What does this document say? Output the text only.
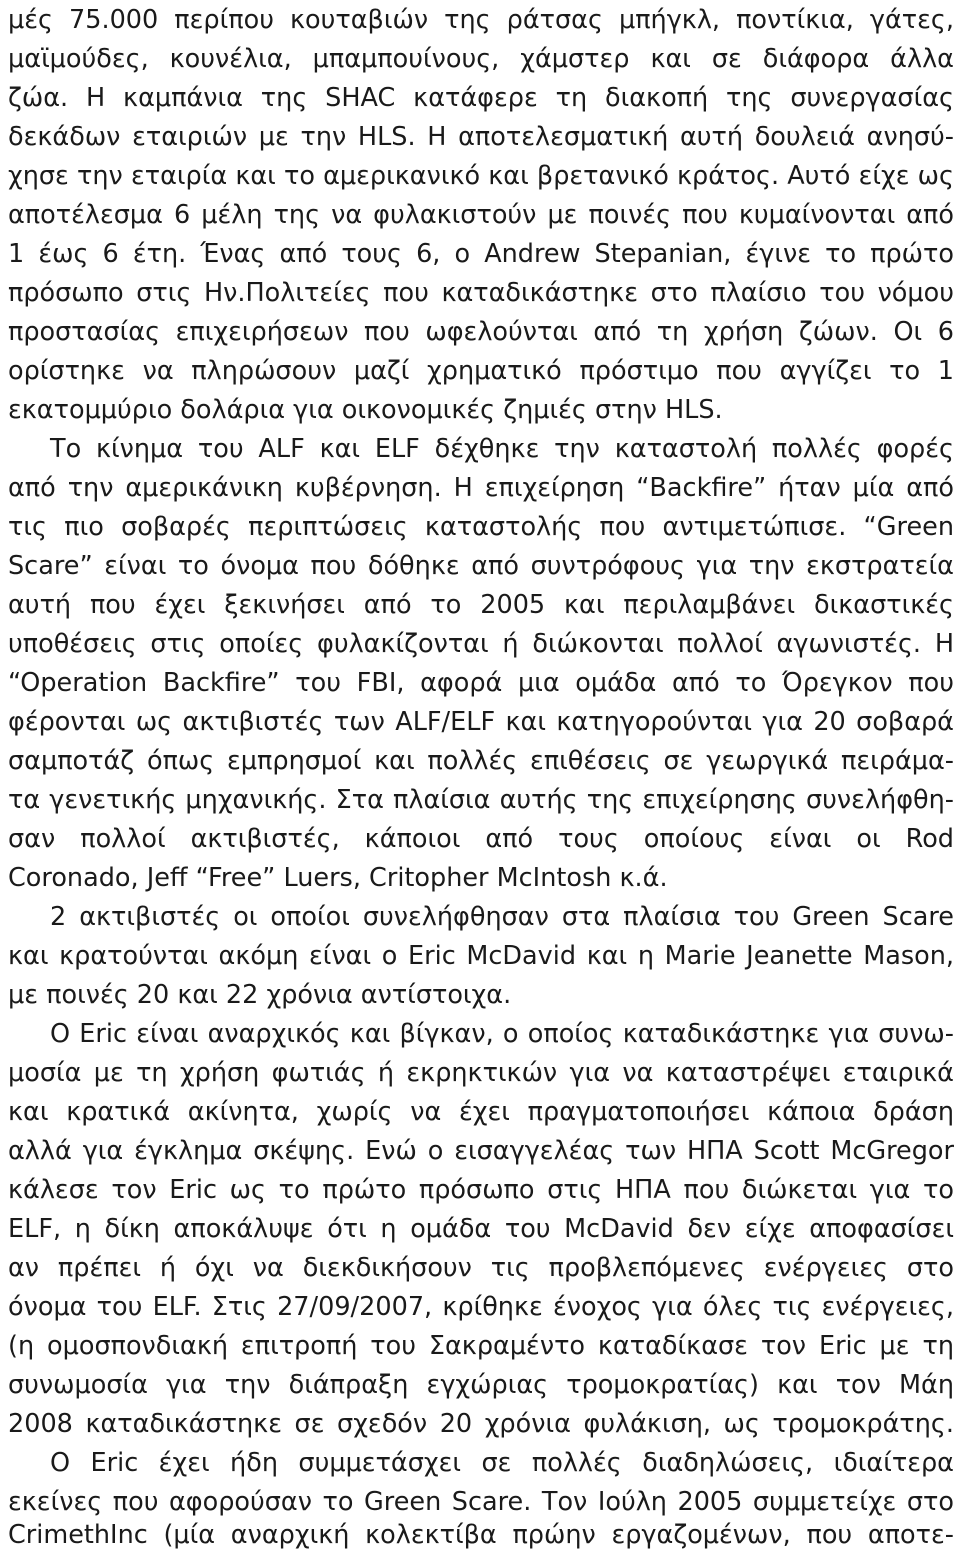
μές 75.000 περίπου κουταβιών της ράτσας μπήγκλ, ποντίκια, γάτες,
μαϊμούδες, κουνέλια, μπαμπουίνους, χάμστερ και σε διάφορα άλλα
ζώα. Η καμπάνια της SHAC κατάφερε τη διακοπή της συνεργασίας
δεκάδων εταιριών με την HLS. Η αποτελεσματική αυτή δουλειά ανησύ-
χησε την εταιρία και το αμερικανικό και βρετανικό κράτος. Αυτό είχε ως
αποτέλεσμα 6 μέλη της να φυλακιστούν με ποινές που κυμαίνονται από
1 έως 6 έτη. Ένας από τους 6, ο Andrew Stepanian, έγινε το πρώτο
πρόσωπο στις Ην.Πολιτείες που καταδικάστηκε στο πλαίσιο του νόμου
προστασίας επιχειρήσεων που ωφελούνται από τη χρήση ζώων. Οι 6
ορίστηκε να πληρώσουν μαζί χρηματικό πρόστιμο που αγγίζει το 1
εκατομμύριο δολάρια για οικονομικές ζημιές στην HLS.
Το κίνημα του ALF και ELF δέχθηκε την καταστολή πολλές φορές
από την αμερικάνικη κυβέρνηση. Η επιχείρηση “Backfire” ήταν μία από
τις πιο σοβαρές περιπτώσεις καταστολής που αντιμετώπισε. “Green
Scare” είναι το όνομα που δόθηκε από συντρόφους για την εκστρατεία
αυτή που έχει ξεκινήσει από το 2005 και περιλαμβάνει δικαστικές
υποθέσεις στις οποίες φυλακίζονται ή διώκονται πολλοί αγωνιστές. Η
“Operation Backfire” του FBI, αφορά μια ομάδα από το Όρεγκον που
φέρονται ως ακτιβιστές των ALF/ELF και κατηγορούνται για 20 σοβαρά
σαμποτάζ όπως εμπρησμοί και πολλές επιθέσεις σε γεωργικά πειράμα-
τα γενετικής μηχανικής. Στα πλαίσια αυτής της επιχείρησης συνελήφθη-
σαν πολλοί ακτιβιστές, κάποιοι από τους οποίους είναι οι Rod
Coronado, Jeff “Free” Luers, Critopher McIntosh κ.ά.
2 ακτιβιστές οι οποίοι συνελήφθησαν στα πλαίσια του Green Scare
και κρατούνται ακόμη είναι ο Eric McDavid και η Marie Jeanette Mason,
με ποινές 20 και 22 χρόνια αντίστοιχα.
Ο Eric είναι αναρχικός και βίγκαν, ο οποίος καταδικάστηκε για συνω-
μοσία με τη χρήση φωτιάς ή εκρηκτικών για να καταστρέψει εταιρικά
και κρατικά ακίνητα, χωρίς να έχει πραγματοποιήσει κάποια δράση
αλλά για έγκλημα σκέψης. Ενώ ο εισαγγελέας των ΗΠΑ Scott McGregor
κάλεσε τον Eric ως το πρώτο πρόσωπο στις ΗΠΑ που διώκεται για το
ELF, η δίκη αποκάλυψε ότι η ομάδα του McDavid δεν είχε αποφασίσει
αν πρέπει ή όχι να διεκδικήσουν τις προβλεπόμενες ενέργειες στο
όνομα του ELF. Στις 27/09/2007, κρίθηκε ένοχος για όλες τις ενέργειες,
(η ομοσπονδιακή επιτροπή του Σακραμέντο καταδίκασε τον Eric με τη
συνωμοσία για την διάπραξη εγχώριας τρομοκρατίας) και τον Μάη
2008 καταδικάστηκε σε σχεδόν 20 χρόνια φυλάκιση, ως τρομοκράτης.
Ο Eric έχει ήδη συμμετάσχει σε πολλές διαδηλώσεις, ιδιαίτερα
εκείνες που αφορούσαν το Green Scare. Τον Ιούλη 2005 συμμετείχε στο
CrimethInc (μία αναρχική κολεκτίβα πρώην εργαζομένων, που αποτε-
